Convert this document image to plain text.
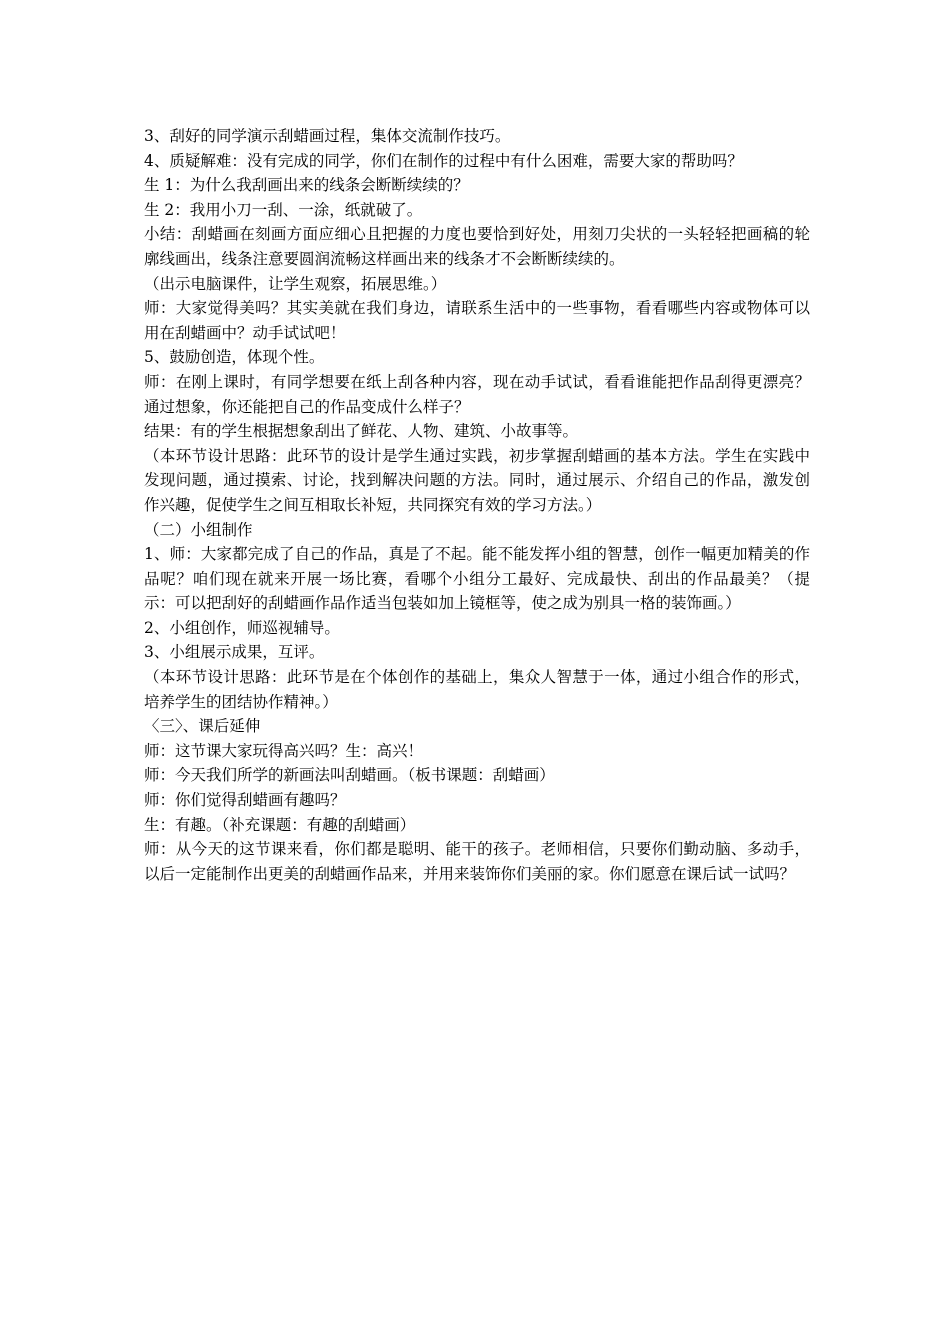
3、刮好的同学演示刮蜡画过程，集体交流制作技巧。

4、质疑解难：没有完成的同学，你们在制作的过程中有什么困难，需要大家的帮助吗？

生 1：为什么我刮画出来的线条会断断续续的？

生 2：我用小刀一刮、一涂，纸就破了。

小结：刮蜡画在刻画方面应细心且把握的力度也要恰到好处，用刻刀尖状的一头轻轻把画稿的轮廓线画出，线条注意要圆润流畅这样画出来的线条才不会断断续续的。

（出示电脑课件，让学生观察，拓展思维。）

师：大家觉得美吗？其实美就在我们身边，请联系生活中的一些事物，看看哪些内容或物体可以用在刮蜡画中？动手试试吧！

5、鼓励创造，体现个性。

师：在刚上课时，有同学想要在纸上刮各种内容，现在动手试试，看看谁能把作品刮得更漂亮？通过想象，你还能把自己的作品变成什么样子？

结果：有的学生根据想象刮出了鲜花、人物、建筑、小故事等。

（本环节设计思路：此环节的设计是学生通过实践，初步掌握刮蜡画的基本方法。学生在实践中发现问题，通过摸索、讨论，找到解决问题的方法。同时，通过展示、介绍自己的作品，激发创作兴趣，促使学生之间互相取长补短，共同探究有效的学习方法。）

（二）小组制作

1、师：大家都完成了自己的作品，真是了不起。能不能发挥小组的智慧，创作一幅更加精美的作品呢？咱们现在就来开展一场比赛，看哪个小组分工最好、完成最快、刮出的作品最美？（提示：可以把刮好的刮蜡画作品作适当包装如加上镜框等，使之成为别具一格的装饰画。）

2、小组创作，师巡视辅导。

3、小组展示成果，互评。

（本环节设计思路：此环节是在个体创作的基础上，集众人智慧于一体，通过小组合作的形式，培养学生的团结协作精神。）

〈三〉、课后延伸

师：这节课大家玩得高兴吗？生：高兴！

师：今天我们所学的新画法叫刮蜡画。（板书课题：刮蜡画）

师：你们觉得刮蜡画有趣吗？

生：有趣。（补充课题：有趣的刮蜡画）

师：从今天的这节课来看，你们都是聪明、能干的孩子。老师相信，只要你们勤动脑、多动手，以后一定能制作出更美的刮蜡画作品来，并用来装饰你们美丽的家。你们愿意在课后试一试吗？
